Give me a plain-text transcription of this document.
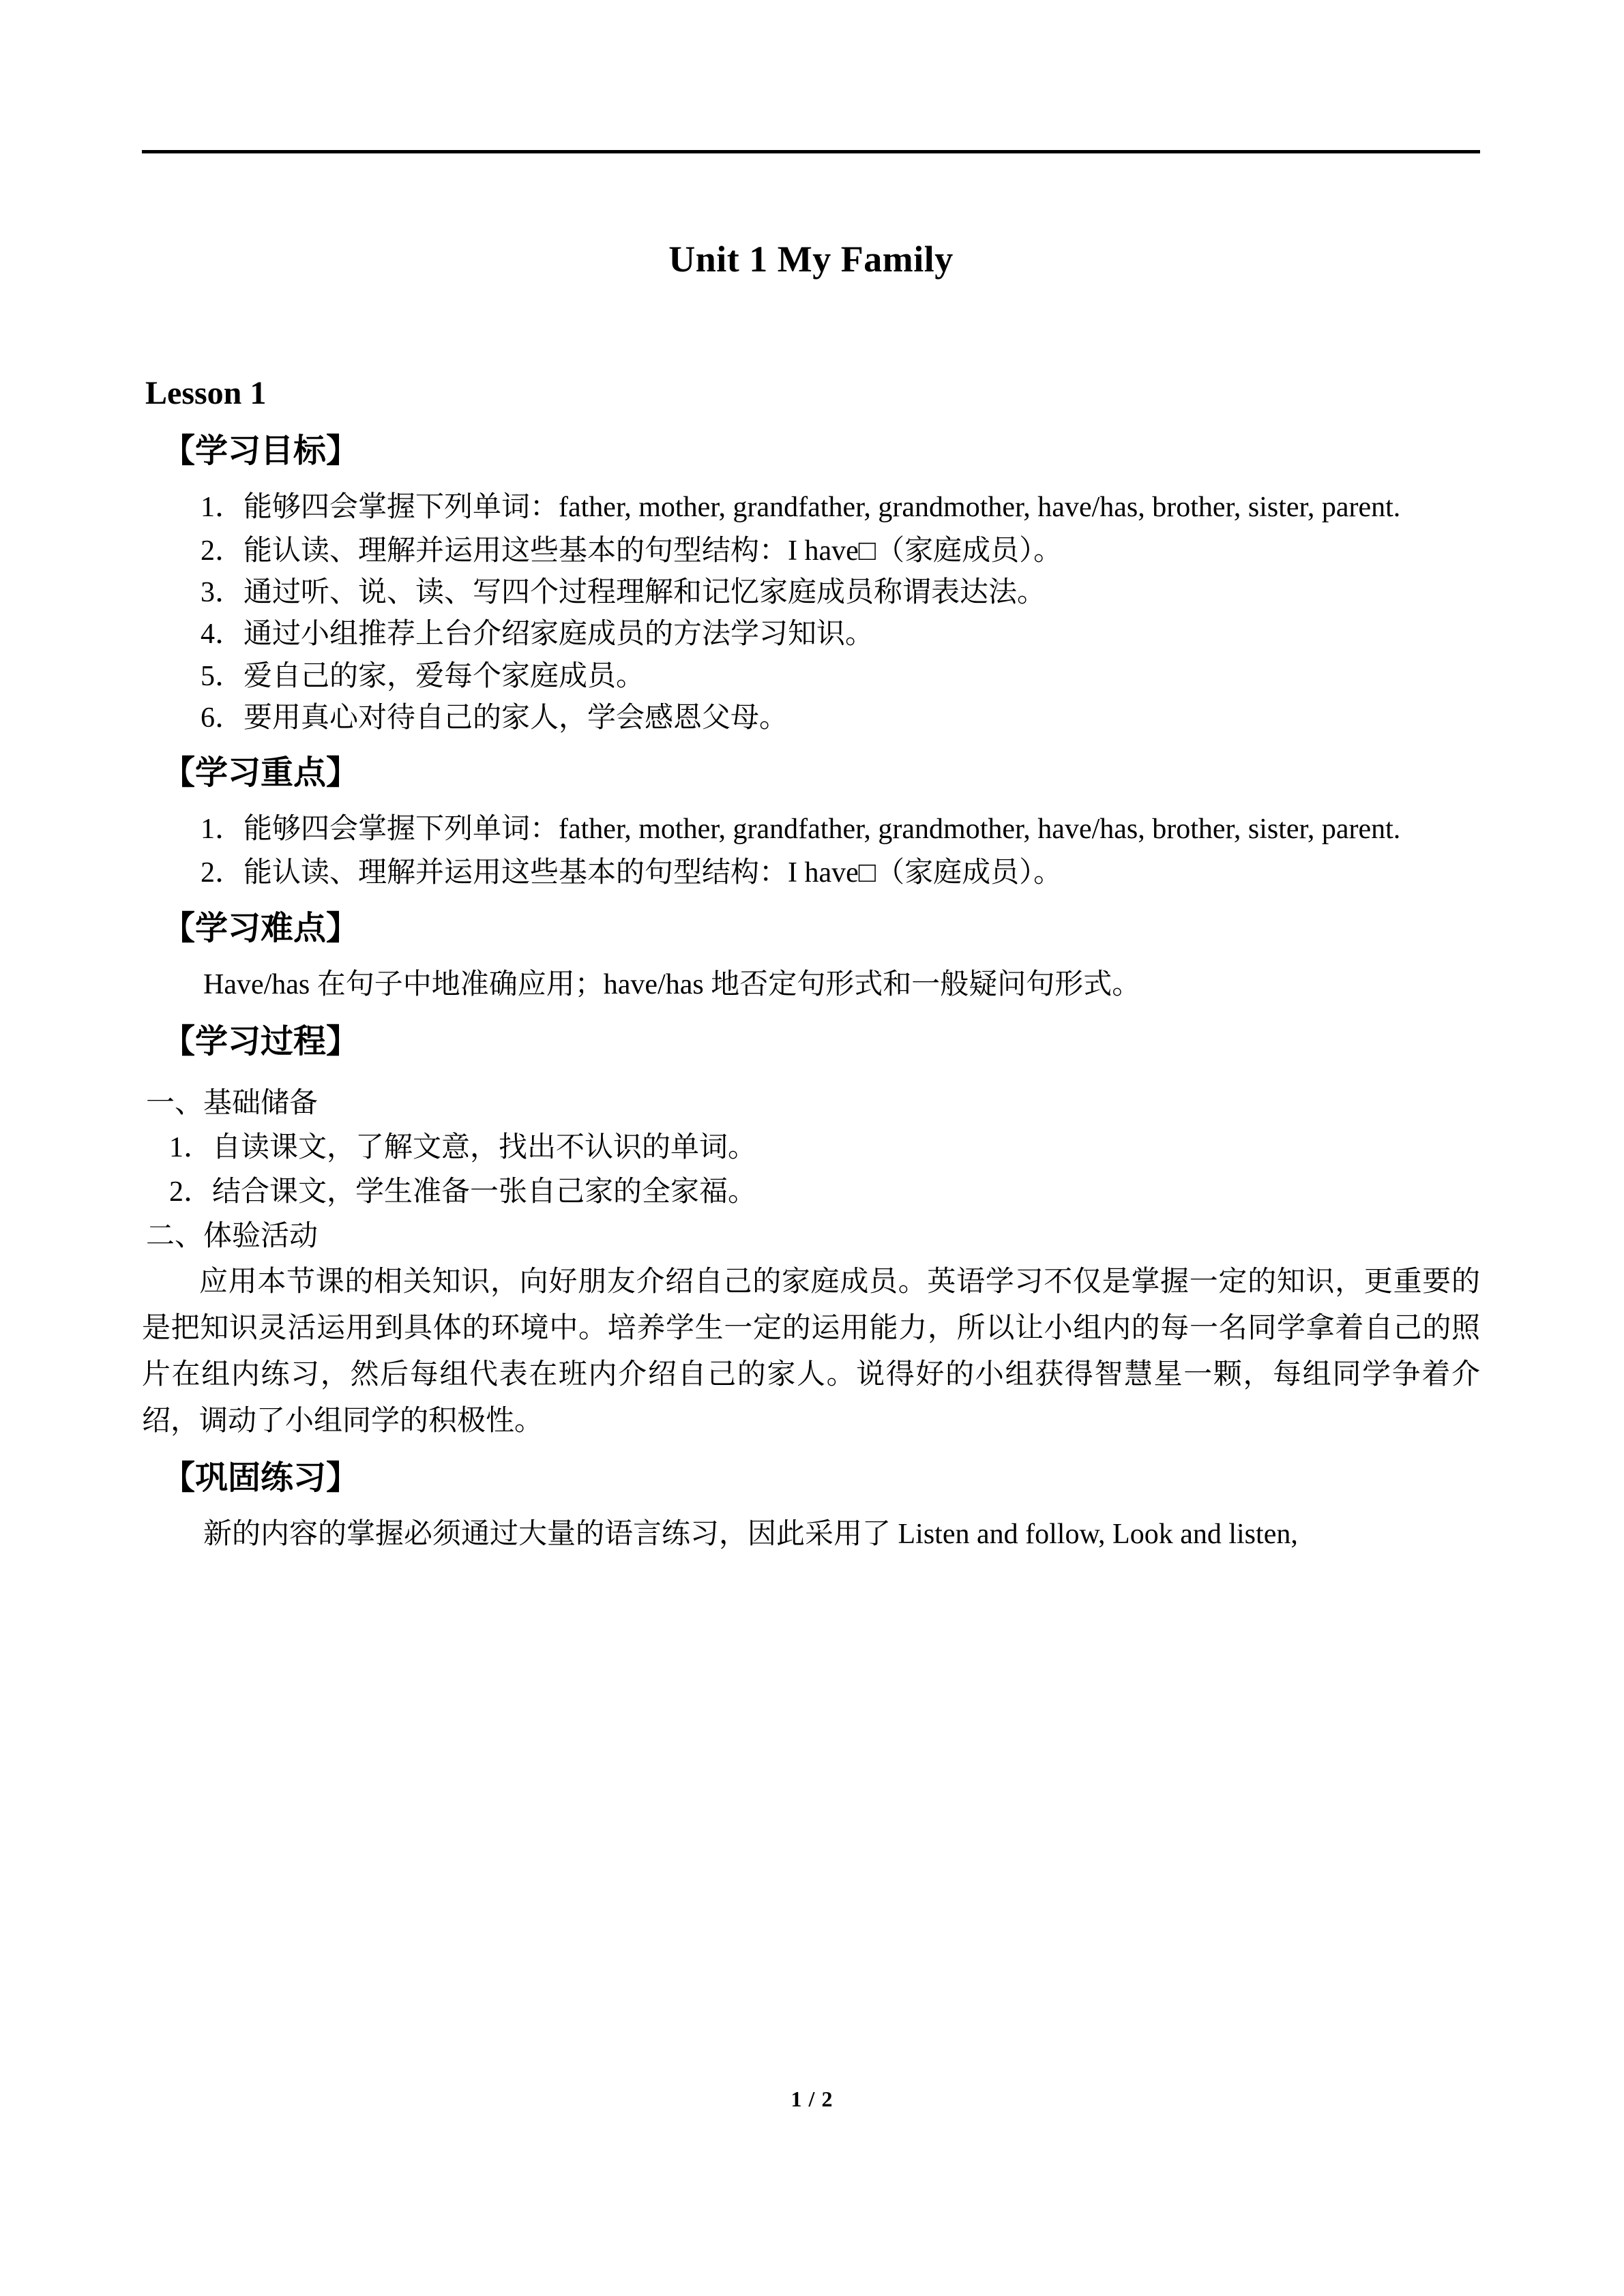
Unit 1 My Family
Lesson 1
【学习目标】

1．能够四会掌握下列单词：father, mother, grandfather, grandmother, have/has, brother, sister, parent.

2．能认读、理解并运用这些基本的句型结构：I have□（家庭成员）。

3．通过听、说、读、写四个过程理解和记忆家庭成员称谓表达法。

4．通过小组推荐上台介绍家庭成员的方法学习知识。

5．爱自己的家，爱每个家庭成员。

6．要用真心对待自己的家人，学会感恩父母。

【学习重点】

1．能够四会掌握下列单词：father, mother, grandfather, grandmother, have/has, brother, sister, parent.

2．能认读、理解并运用这些基本的句型结构：I have□（家庭成员）。

【学习难点】

Have/has 在句子中地准确应用；have/has 地否定句形式和一般疑问句形式。

【学习过程】

一、基础储备

1．自读课文，了解文意，找出不认识的单词。

2．结合课文，学生准备一张自己家的全家福。

二、体验活动

应用本节课的相关知识，向好朋友介绍自己的家庭成员。英语学习不仅是掌握一定的知识，更重要的是把知识灵活运用到具体的环境中。培养学生一定的运用能力，所以让小组内的每一名同学拿着自己的照片在组内练习，然后每组代表在班内介绍自己的家人。说得好的小组获得智慧星一颗，每组同学争着介绍，调动了小组同学的积极性。

【巩固练习】

新的内容的掌握必须通过大量的语言练习，因此采用了 Listen and follow, Look and listen,

1 / 2
